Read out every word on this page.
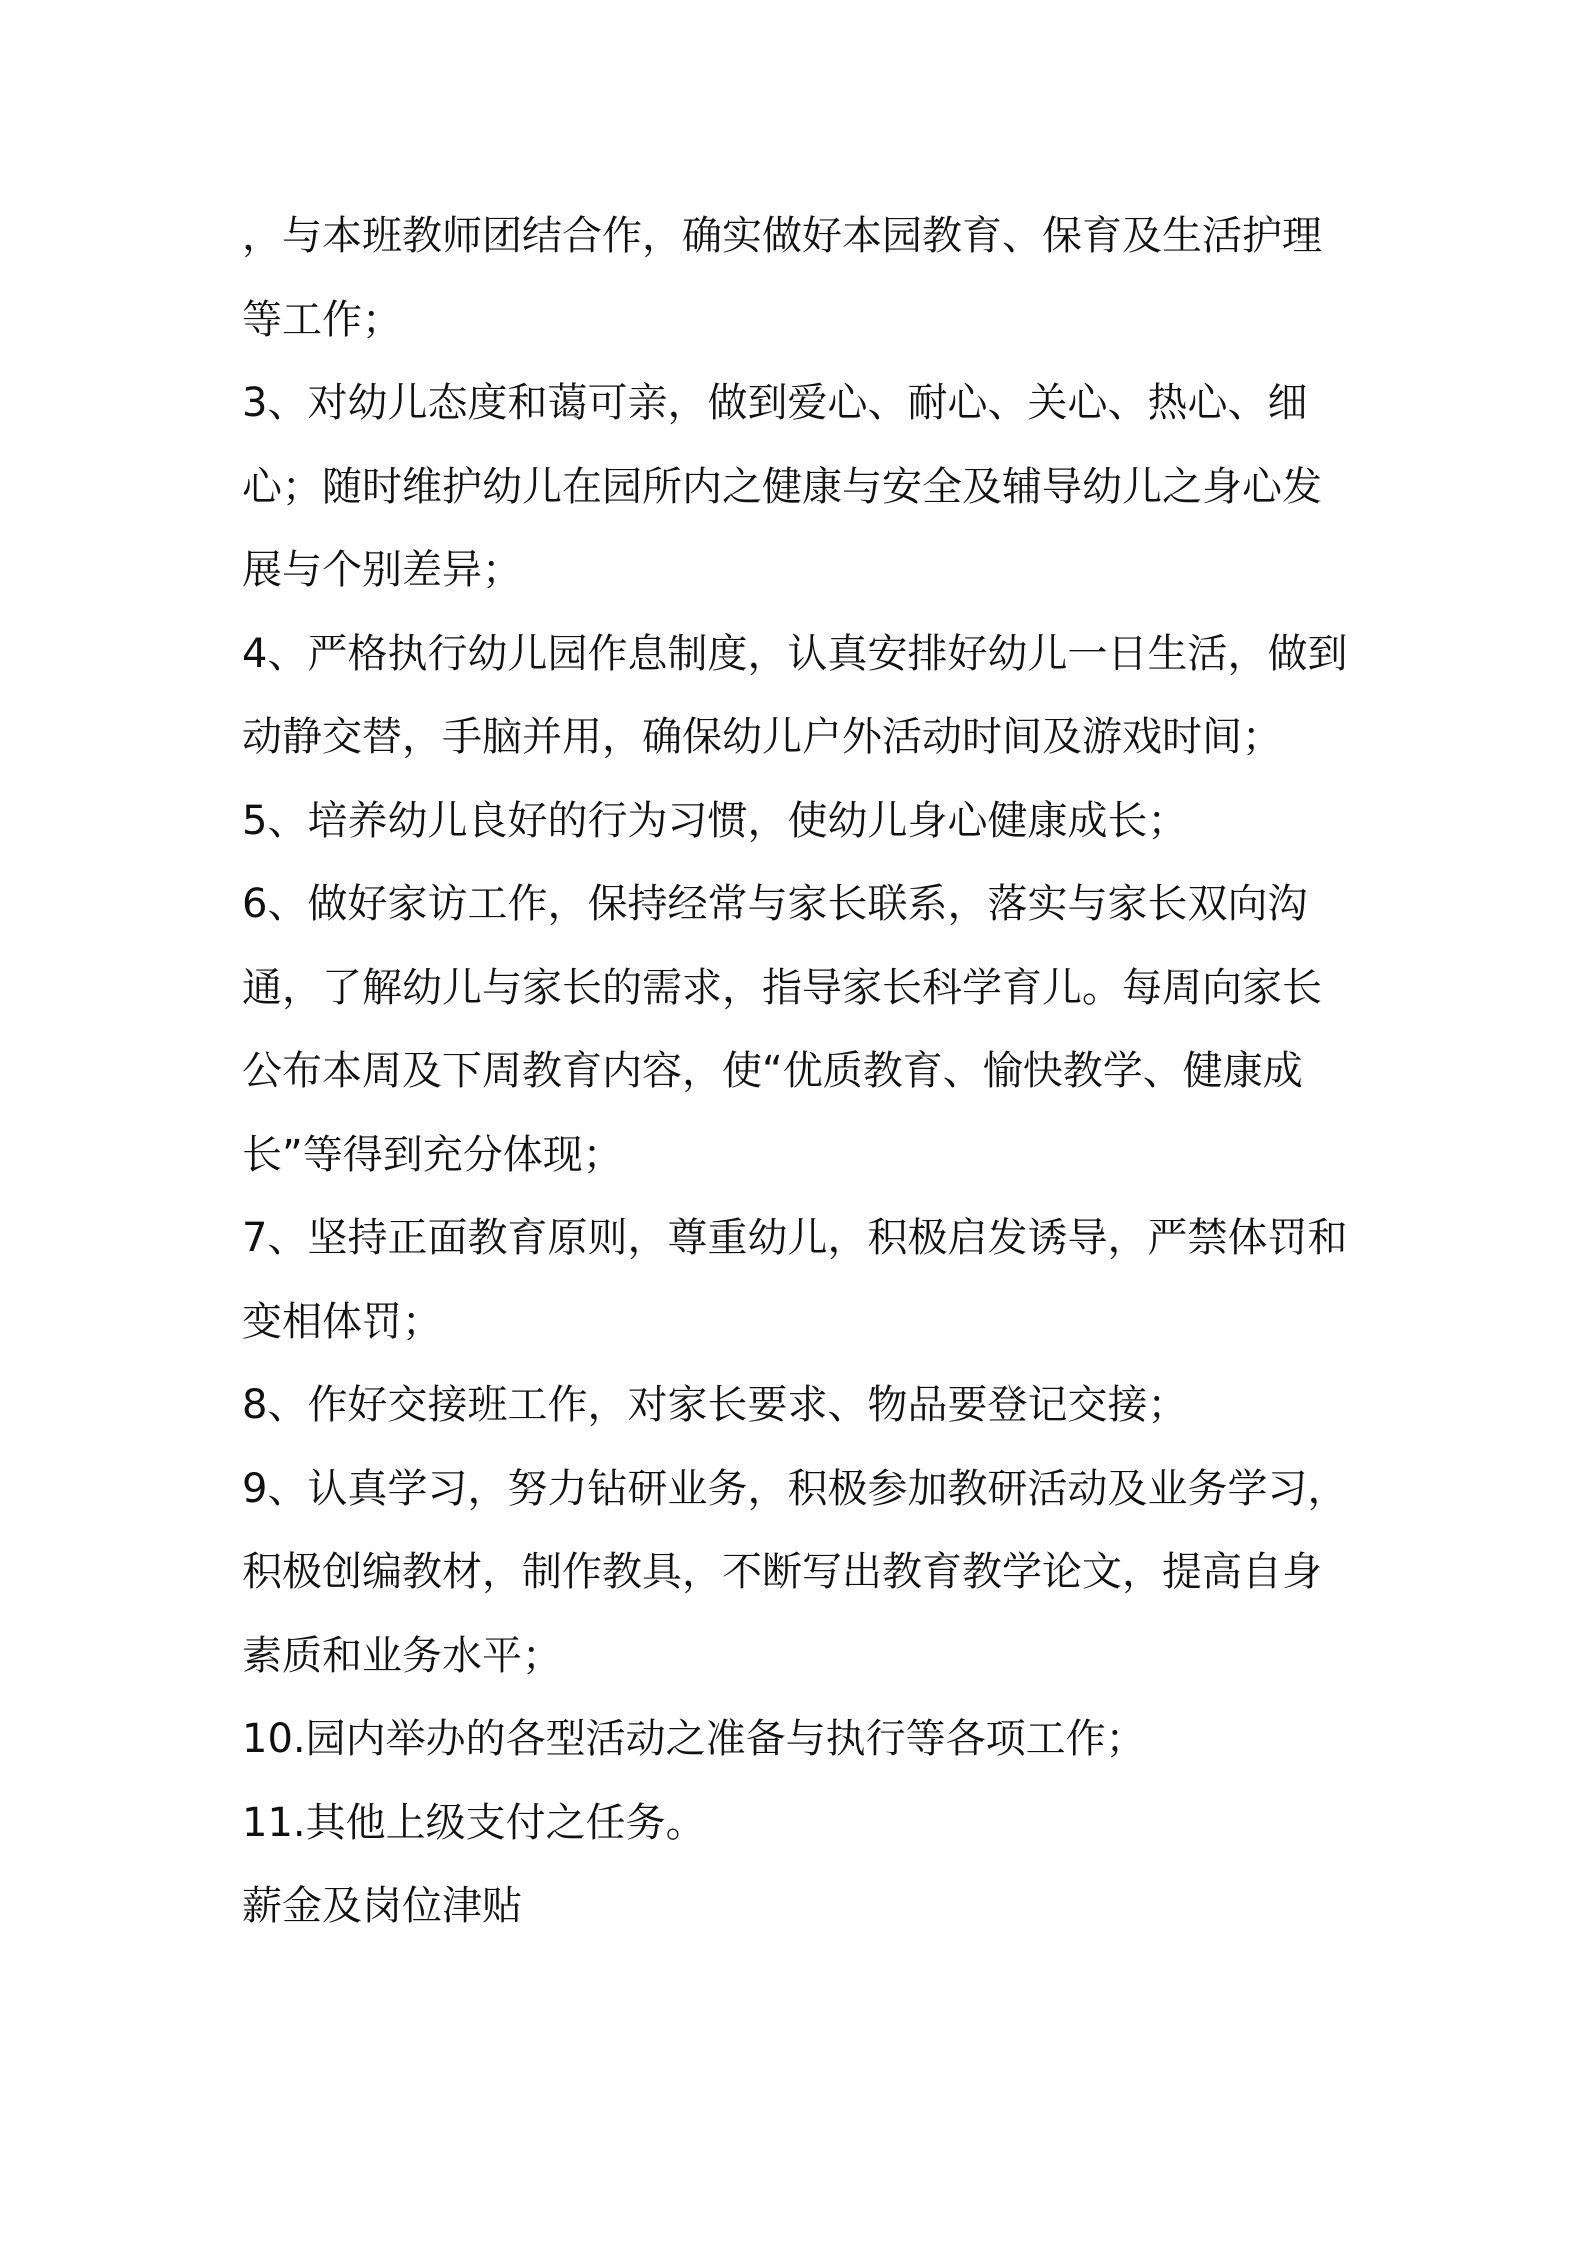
，与本班教师团结合作，确实做好本园教育、保育及生活护理等工作；

3、对幼儿态度和蔼可亲，做到爱心、耐心、关心、热心、细心；随时维护幼儿在园所内之健康与安全及辅导幼儿之身心发展与个别差异；

4、严格执行幼儿园作息制度，认真安排好幼儿一日生活，做到动静交替，手脑并用，确保幼儿户外活动时间及游戏时间；

5、培养幼儿良好的行为习惯，使幼儿身心健康成长；

6、做好家访工作，保持经常与家长联系，落实与家长双向沟通，了解幼儿与家长的需求，指导家长科学育儿。每周向家长公布本周及下周教育内容，使“优质教育、愉快教学、健康成长”等得到充分体现；

7、坚持正面教育原则，尊重幼儿，积极启发诱导，严禁体罚和变相体罚；

8、作好交接班工作，对家长要求、物品要登记交接；

9、认真学习，努力钻研业务，积极参加教研活动及业务学习，积极创编教材，制作教具，不断写出教育教学论文，提高自身素质和业务水平；

10.园内举办的各型活动之准备与执行等各项工作；

11.其他上级支付之任务。

薪金及岗位津贴
